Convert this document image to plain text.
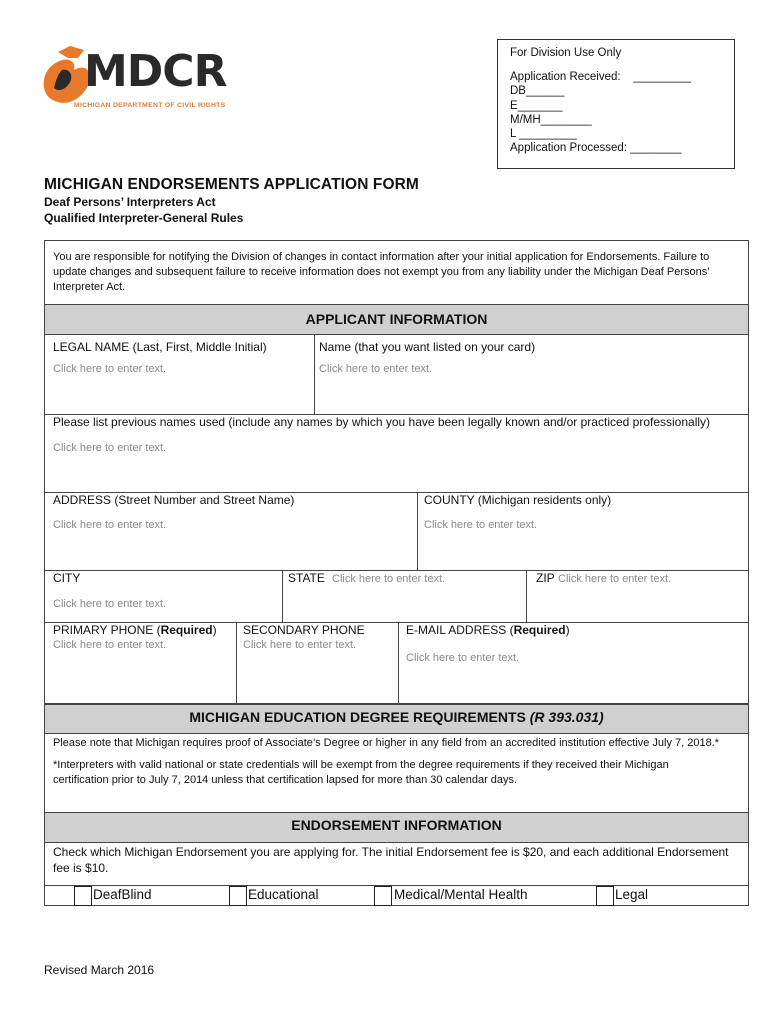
MDCR
MICHIGAN DEPARTMENT OF CIVIL RIGHTS
For Division Use Only
Application Received:    _________
DB______
E_______
M/MH________
L _________
Application Processed: ________
MICHIGAN ENDORSEMENTS APPLICATION FORM
Deaf Persons’ Interpreters Act
Qualified Interpreter-General Rules
You are responsible for notifying the Division of changes in contact information after your initial application for Endorsements. Failure to update changes and subsequent failure to receive information does not exempt you from any liability under the Michigan Deaf Persons’ Interpreter Act.
APPLICANT INFORMATION
LEGAL NAME (Last, First, Middle Initial)
Click here to enter text.
Name (that you want listed on your card)
Click here to enter text.
Please list previous names used (include any names by which you have been legally known and/or practiced professionally)
Click here to enter text.
ADDRESS (Street Number and Street Name)
Click here to enter text.
COUNTY (Michigan residents only)
Click here to enter text.
CITY
Click here to enter text.
STATE Click here to enter text.	ZIP Click here to enter text.
PRIMARY PHONE (Required)
Click here to enter text.
SECONDARY PHONE
Click here to enter text.
E-MAIL ADDRESS (Required)
Click here to enter text.
MICHIGAN EDUCATION DEGREE REQUIREMENTS (R 393.031)
Please note that Michigan requires proof of Associate’s Degree or higher in any field from an accredited institution effective July 7, 2018.*
*Interpreters with valid national or state credentials will be exempt from the degree requirements if they received their Michigan certification prior to July 7, 2014 unless that certification lapsed for more than 30 calendar days.
ENDORSEMENT INFORMATION
Check which Michigan Endorsement you are applying for. The initial Endorsement fee is $20, and each additional Endorsement fee is $10.
DeafBlind	Educational	Medical/Mental Health	Legal
Revised March 2016
